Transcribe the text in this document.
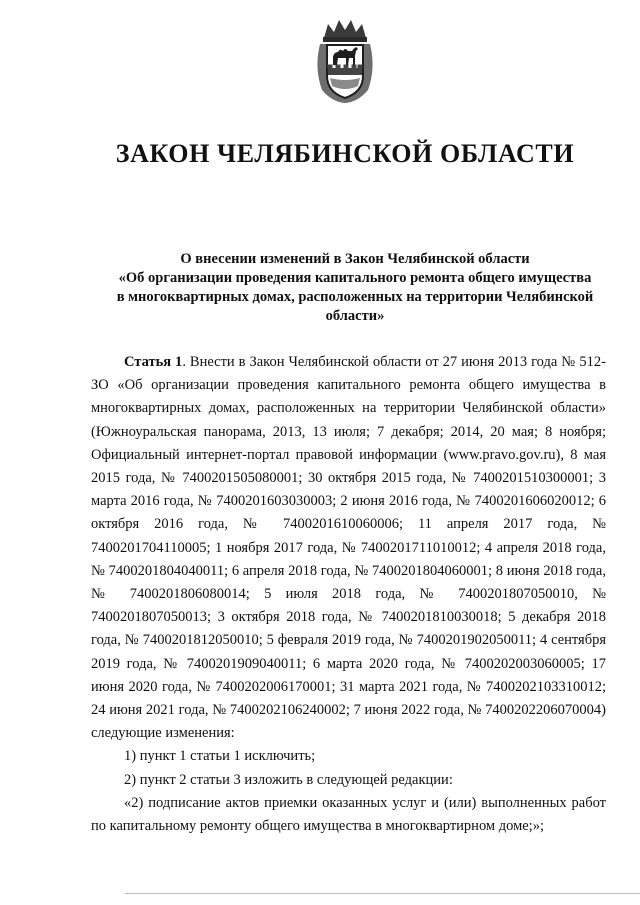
ЗАКОН ЧЕЛЯБИНСКОЙ ОБЛАСТИ
О внесении изменений в Закон Челябинской области
«Об организации проведения капитального ремонта общего имущества
в многоквартирных домах, расположенных на территории Челябинской
области»

Статья 1. Внести в Закон Челябинской области от 27 июня 2013 года № 512-ЗО «Об организации проведения капитального ремонта общего имущества в многоквартирных домах, расположенных на территории Челябинской области» (Южноуральская панорама, 2013, 13 июля; 7 декабря; 2014, 20 мая; 8 ноября; Официальный интернет-портал правовой информации (www.pravo.gov.ru), 8 мая 2015 года, № 7400201505080001; 30 октября 2015 года, № 7400201510300001; 3 марта 2016 года, № 7400201603030003; 2 июня 2016 года, № 7400201606020012; 6 октября 2016 года, № 7400201610060006; 11 апреля 2017 года, № 7400201704110005; 1 ноября 2017 года, № 7400201711010012; 4 апреля 2018 года, № 7400201804040011; 6 апреля 2018 года, № 7400201804060001; 8 июня 2018 года, № 7400201806080014; 5 июля 2018 года, № 7400201807050010, № 7400201807050013; 3 октября 2018 года, № 7400201810030018; 5 декабря 2018 года, № 7400201812050010; 5 февраля 2019 года, № 7400201902050011; 4 сентября 2019 года, № 7400201909040011; 6 марта 2020 года, № 7400202003060005; 17 июня 2020 года, № 7400202006170001; 31 марта 2021 года, № 7400202103310012; 24 июня 2021 года, № 7400202106240002; 7 июня 2022 года, № 7400202206070004) следующие изменения:

1) пункт 1 статьи 1 исключить;

2) пункт 2 статьи 3 изложить в следующей редакции:

«2) подписание актов приемки оказанных услуг и (или) выполненных работ по капитальному ремонту общего имущества в многоквартирном доме;»;
